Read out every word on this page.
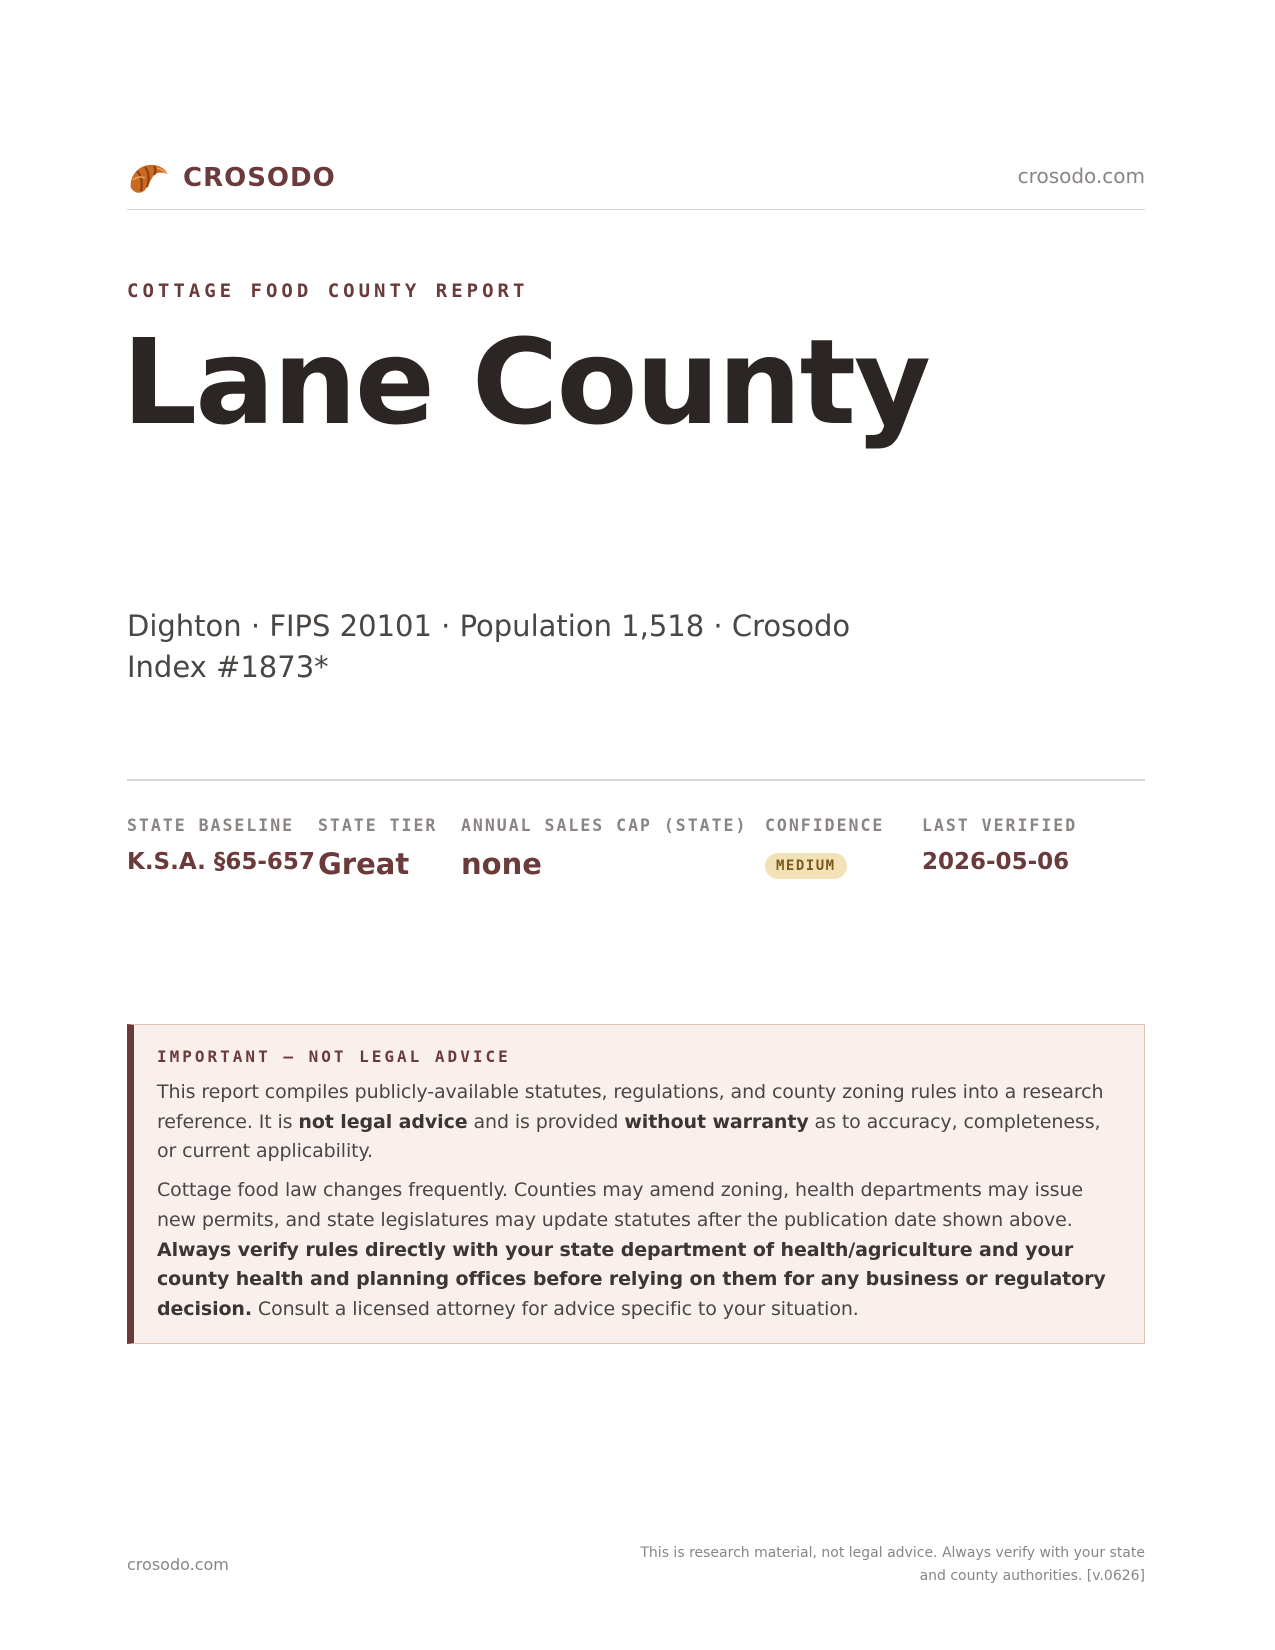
CROSODO	crosodo.com
COTTAGE FOOD COUNTY REPORT
Lane County
Dighton · FIPS 20101 · Population 1,518 · Crosodo Index #1873*
STATE BASELINE
K.S.A. §65-657
STATE TIER
Great
ANNUAL SALES CAP (STATE)
none
CONFIDENCE
MEDIUM
LAST VERIFIED
2026-05-06
IMPORTANT — NOT LEGAL ADVICE

This report compiles publicly-available statutes, regulations, and county zoning rules into a research reference. It is not legal advice and is provided without warranty as to accuracy, completeness, or current applicability.

Cottage food law changes frequently. Counties may amend zoning, health departments may issue new permits, and state legislatures may update statutes after the publication date shown above. Always verify rules directly with your state department of health/agriculture and your county health and planning offices before relying on them for any business or regulatory decision. Consult a licensed attorney for advice specific to your situation.

crosodo.com
This is research material, not legal advice. Always verify with your state and county authorities. [v.0626]
